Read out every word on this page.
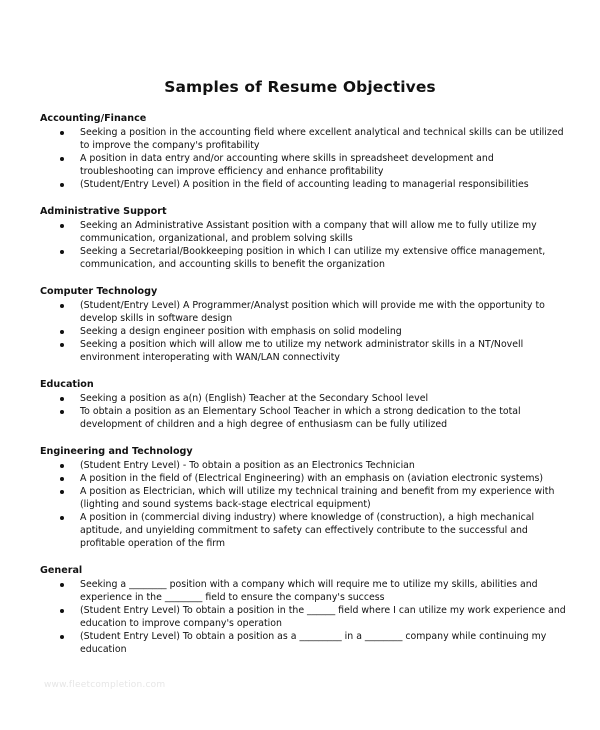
Samples of Resume Objectives
Accounting/Finance
Seeking a position in the accounting field where excellent analytical and technical skills can be utilized to improve the company's profitability
A position in data entry and/or accounting where skills in spreadsheet development and troubleshooting can improve efficiency and enhance profitability
(Student/Entry Level) A position in the field of accounting leading to managerial responsibilities
Administrative Support
Seeking an Administrative Assistant position with a company that will allow me to fully utilize my communication, organizational, and problem solving skills
Seeking a Secretarial/Bookkeeping position in which I can utilize my extensive office management, communication, and accounting skills to benefit the organization
Computer Technology
(Student/Entry Level) A Programmer/Analyst position which will provide me with the opportunity to develop skills in software design
Seeking a design engineer position with emphasis on solid modeling
Seeking a position which will allow me to utilize my network administrator skills in a NT/Novell environment interoperating with WAN/LAN connectivity
Education
Seeking a position as a(n) (English) Teacher at the Secondary School level
To obtain a position as an Elementary School Teacher in which a strong dedication to the total development of children and a high degree of enthusiasm can be fully utilized
Engineering and Technology
(Student Entry Level) - To obtain a position as an Electronics Technician
A position in the field of (Electrical Engineering) with an emphasis on (aviation electronic systems)
A position as Electrician, which will utilize my technical training and benefit from my experience with (lighting and sound systems back-stage electrical equipment)
A position in (commercial diving industry) where knowledge of (construction), a high mechanical aptitude, and unyielding commitment to safety can effectively contribute to the successful and profitable operation of the firm
General
Seeking a ________ position with a company which will require me to utilize my skills, abilities and experience in the ________ field to ensure the company's success
(Student Entry Level) To obtain a position in the ______ field where I can utilize my work experience and education to improve company's operation
(Student Entry Level) To obtain a position as a _________ in a ________ company while continuing my education
www.fleetcompletion.com
